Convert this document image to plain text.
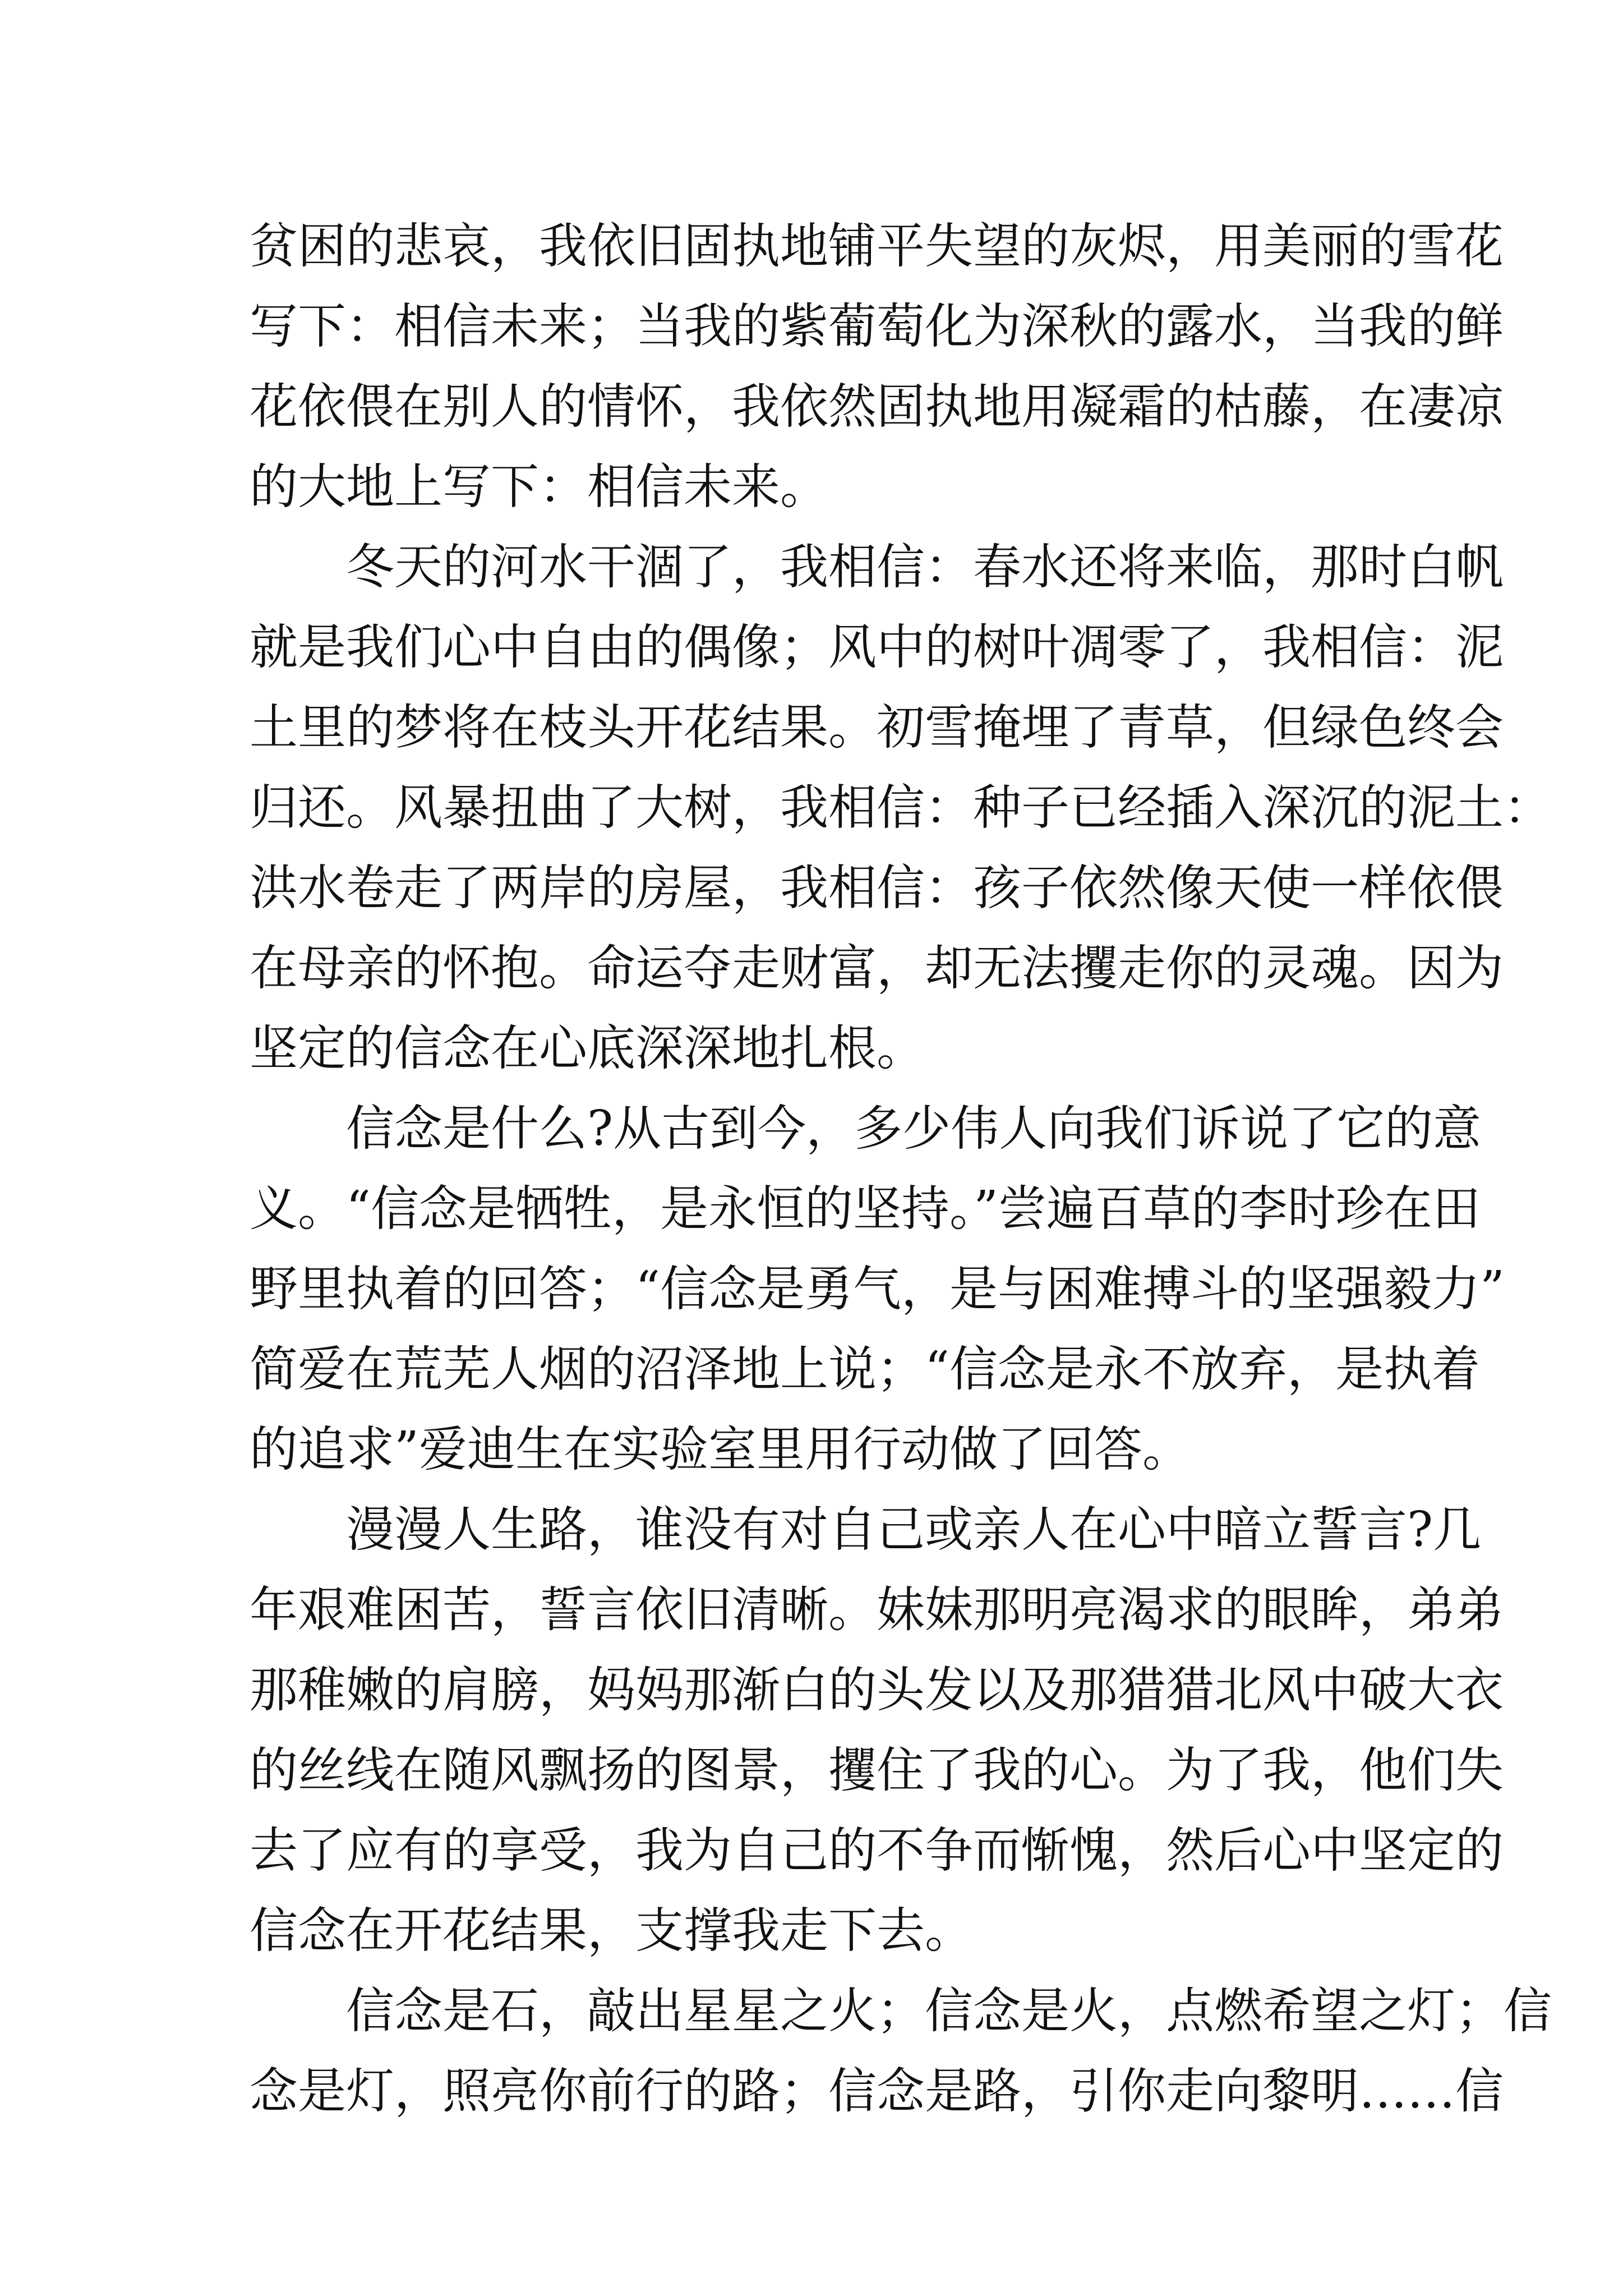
贫困的悲哀，我依旧固执地铺平失望的灰烬，用美丽的雪花
写下：相信未来；当我的紫葡萄化为深秋的露水，当我的鲜
花依偎在别人的情怀，我依然固执地用凝霜的枯藤，在凄凉
的大地上写下：相信未来。
冬天的河水干涸了，我相信：春水还将来临，那时白帆
就是我们心中自由的偶像；风中的树叶凋零了，我相信：泥
土里的梦将在枝头开花结果。初雪掩埋了青草，但绿色终会
归还。风暴扭曲了大树，我相信：种子已经插入深沉的泥土：
洪水卷走了两岸的房屋，我相信：孩子依然像天使一样依偎
在母亲的怀抱。命运夺走财富，却无法攫走你的灵魂。因为
坚定的信念在心底深深地扎根。
信念是什么?从古到今，多少伟人向我们诉说了它的意
义。“信念是牺牲，是永恒的坚持。”尝遍百草的李时珍在田
野里执着的回答；“信念是勇气，是与困难搏斗的坚强毅力”
简爱在荒芜人烟的沼泽地上说；“信念是永不放弃，是执着
的追求”爱迪生在实验室里用行动做了回答。
漫漫人生路，谁没有对自己或亲人在心中暗立誓言?几
年艰难困苦，誓言依旧清晰。妹妹那明亮渴求的眼眸，弟弟
那稚嫩的肩膀，妈妈那渐白的头发以及那猎猎北风中破大衣
的丝线在随风飘扬的图景，攫住了我的心。为了我，他们失
去了应有的享受，我为自己的不争而惭愧，然后心中坚定的
信念在开花结果，支撑我走下去。
信念是石，敲出星星之火；信念是火，点燃希望之灯；信
念是灯，照亮你前行的路；信念是路，引你走向黎明……信
